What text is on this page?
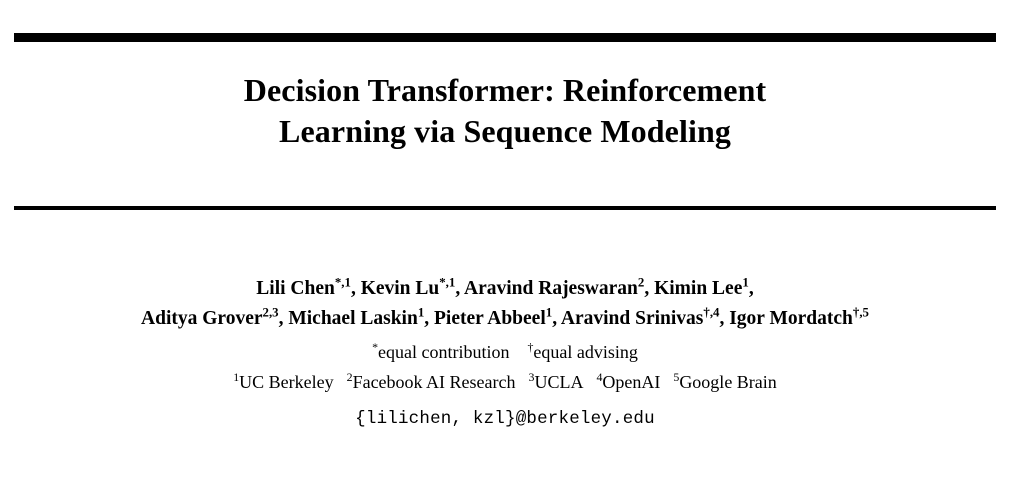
Decision Transformer: Reinforcement
Learning via Sequence Modeling
Lili Chen$^{*,1}$, Kevin $Lu^{*,1}$, Aravind Rajeswaran$^2$, Kimin Lee$^1$,
Aditya Grover$^{2,3}$, Michael Laskin$^1$, Pieter Abbeel$^1$, Aravind Srinivas$^{\dagger,4}$, Igor Mordatch$^{\dagger,5}$
*equal contribution †equal advising
$^1$UC Berkeley $^2$Facebook AI Research $^3$UCLA $^4$OpenAI $^5$Google Brain
{lilichen, kzl}@berkeley.edu
